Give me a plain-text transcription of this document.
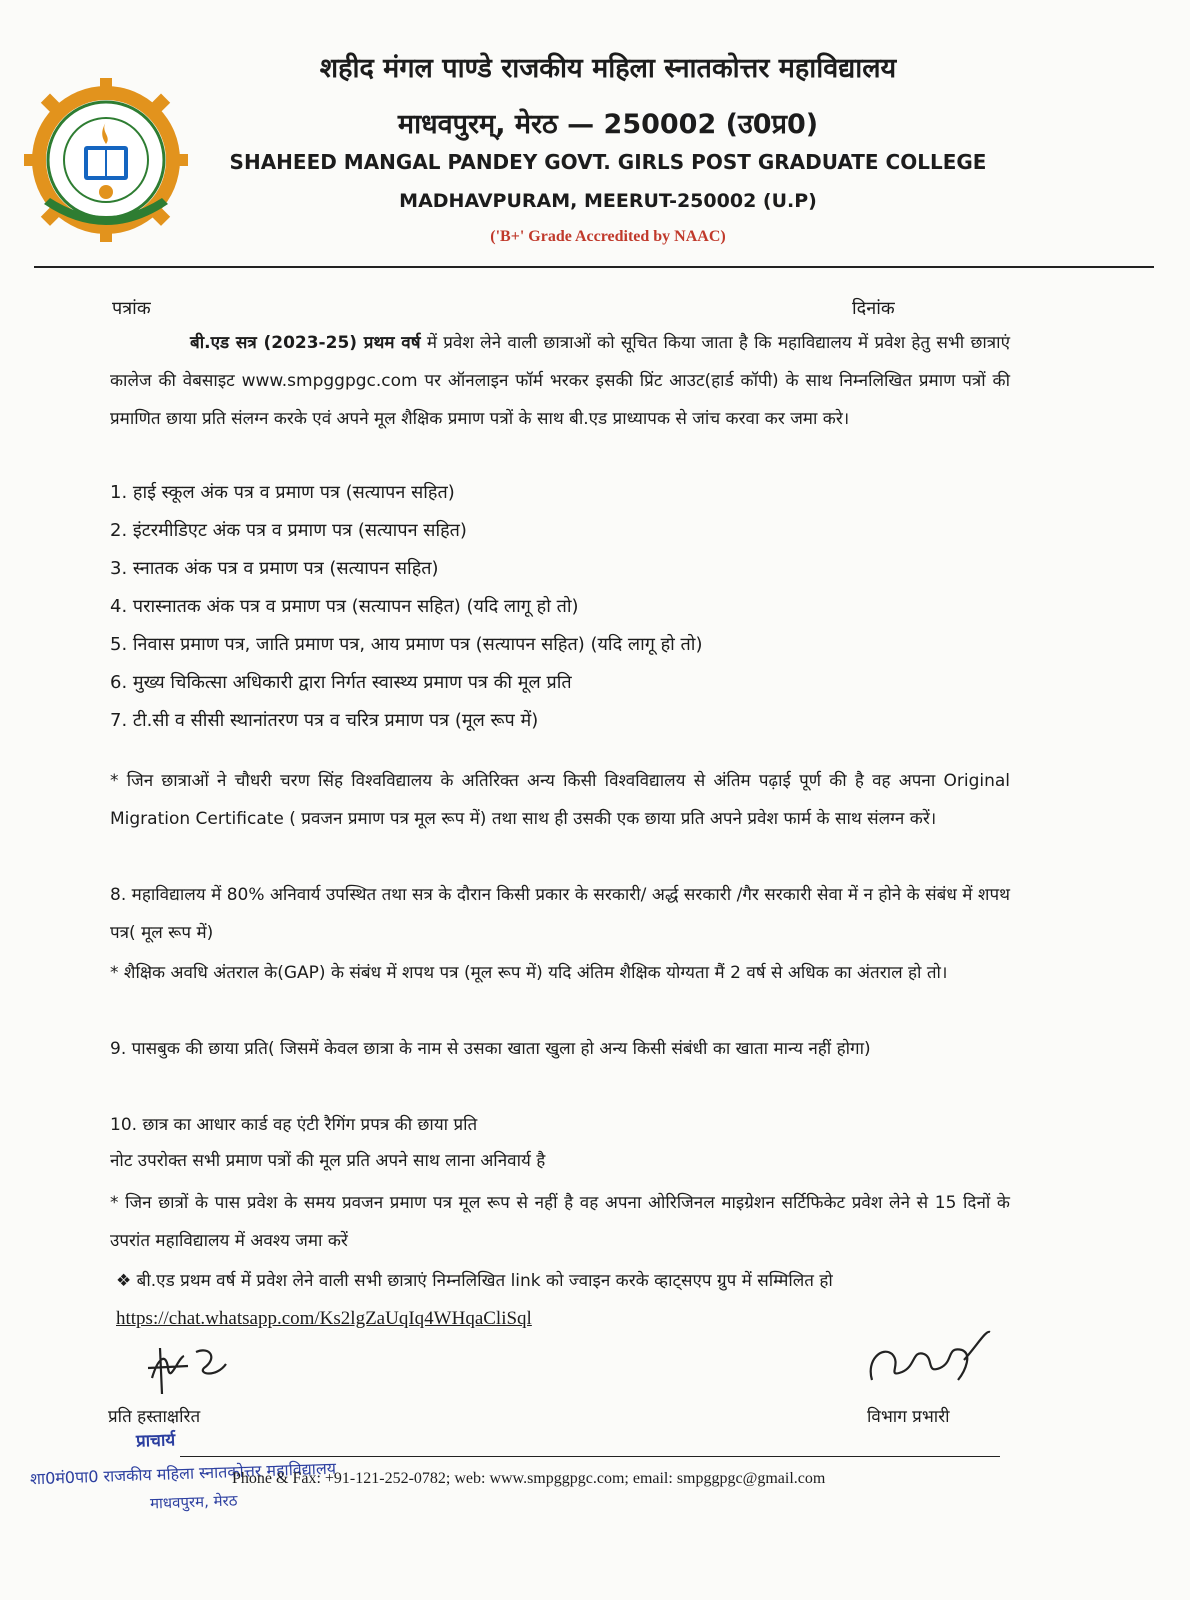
शहीद मंगल पाण्डे राजकीय महिला स्नातकोत्तर महाविद्यालय
माधवपुरम्, मेरठ — 250002 (उ0प्र0)
SHAHEED MANGAL PANDEY GOVT. GIRLS POST GRADUATE COLLEGE
MADHAVPURAM, MEERUT-250002 (U.P)
('B+' Grade Accredited by NAAC)
पत्रांक	दिनांक
बी.एड सत्र (2023-25) प्रथम वर्ष में प्रवेश लेने वाली छात्राओं को सूचित किया जाता है कि महाविद्यालय में प्रवेश हेतु सभी छात्राएं कालेज की वेबसाइट www.smpggpgc.com पर ऑनलाइन फॉर्म भरकर इसकी प्रिंट आउट(हार्ड कॉपी) के साथ निम्नलिखित प्रमाण पत्रों की प्रमाणित छाया प्रति संलग्न करके एवं अपने मूल शैक्षिक प्रमाण पत्रों के साथ बी.एड प्राध्यापक से जांच करवा कर जमा करे।
1. हाई स्कूल अंक पत्र व प्रमाण पत्र (सत्यापन सहित)
2. इंटरमीडिएट अंक पत्र व प्रमाण पत्र (सत्यापन सहित)
3. स्नातक अंक पत्र व प्रमाण पत्र (सत्यापन सहित)
4. परास्नातक अंक पत्र व प्रमाण पत्र (सत्यापन सहित) (यदि लागू हो तो)
5. निवास प्रमाण पत्र, जाति प्रमाण पत्र, आय प्रमाण पत्र (सत्यापन सहित) (यदि लागू हो तो)
6. मुख्य चिकित्सा अधिकारी द्वारा निर्गत स्वास्थ्य प्रमाण पत्र की मूल प्रति
7. टी.सी व सीसी स्थानांतरण पत्र व चरित्र प्रमाण पत्र (मूल रूप में)
* जिन छात्राओं ने चौधरी चरण सिंह विश्वविद्यालय के अतिरिक्त अन्य किसी विश्वविद्यालय से अंतिम पढ़ाई पूर्ण की है वह अपना Original Migration Certificate ( प्रवजन प्रमाण पत्र मूल रूप में) तथा साथ ही उसकी एक छाया प्रति अपने प्रवेश फार्म के साथ संलग्न करें।
8. महाविद्यालय में 80% अनिवार्य उपस्थित तथा सत्र के दौरान किसी प्रकार के सरकारी/ अर्द्ध सरकारी /गैर सरकारी सेवा में न होने के संबंध में शपथ पत्र( मूल रूप में)
* शैक्षिक अवधि अंतराल के(GAP) के संबंध में शपथ पत्र (मूल रूप में) यदि अंतिम शैक्षिक योग्यता मैं 2 वर्ष से अधिक का अंतराल हो तो।
9. पासबुक की छाया प्रति( जिसमें केवल छात्रा के नाम से उसका खाता खुला हो अन्य किसी संबंधी का खाता मान्य नहीं होगा)
10. छात्र का आधार कार्ड वह एंटी रैगिंग प्रपत्र की छाया प्रति
नोट उपरोक्त सभी प्रमाण पत्रों की मूल प्रति अपने साथ लाना अनिवार्य है
* जिन छात्रों के पास प्रवेश के समय प्रवजन प्रमाण पत्र मूल रूप से नहीं है वह अपना ओरिजिनल माइग्रेशन सर्टिफिकेट प्रवेश लेने से 15 दिनों के उपरांत महाविद्यालय में अवश्य जमा करें
❖ बी.एड प्रथम वर्ष में प्रवेश लेने वाली सभी छात्राएं निम्नलिखित link को ज्वाइन करके व्हाट्सएप ग्रुप में सम्मिलित हो https://chat.whatsapp.com/Ks2lgZaUqIq4WHqaCliSql
प्रति हस्ताक्षरित	विभाग प्रभारी
प्राचार्य
शा0मं0पा0 राजकीय महिला स्नातकोत्तर महाविद्यालय
माधवपुरम, मेरठ
Phone & Fax: +91-121-252-0782; web: www.smpggpgc.com; email: smpggpgc@gmail.com
